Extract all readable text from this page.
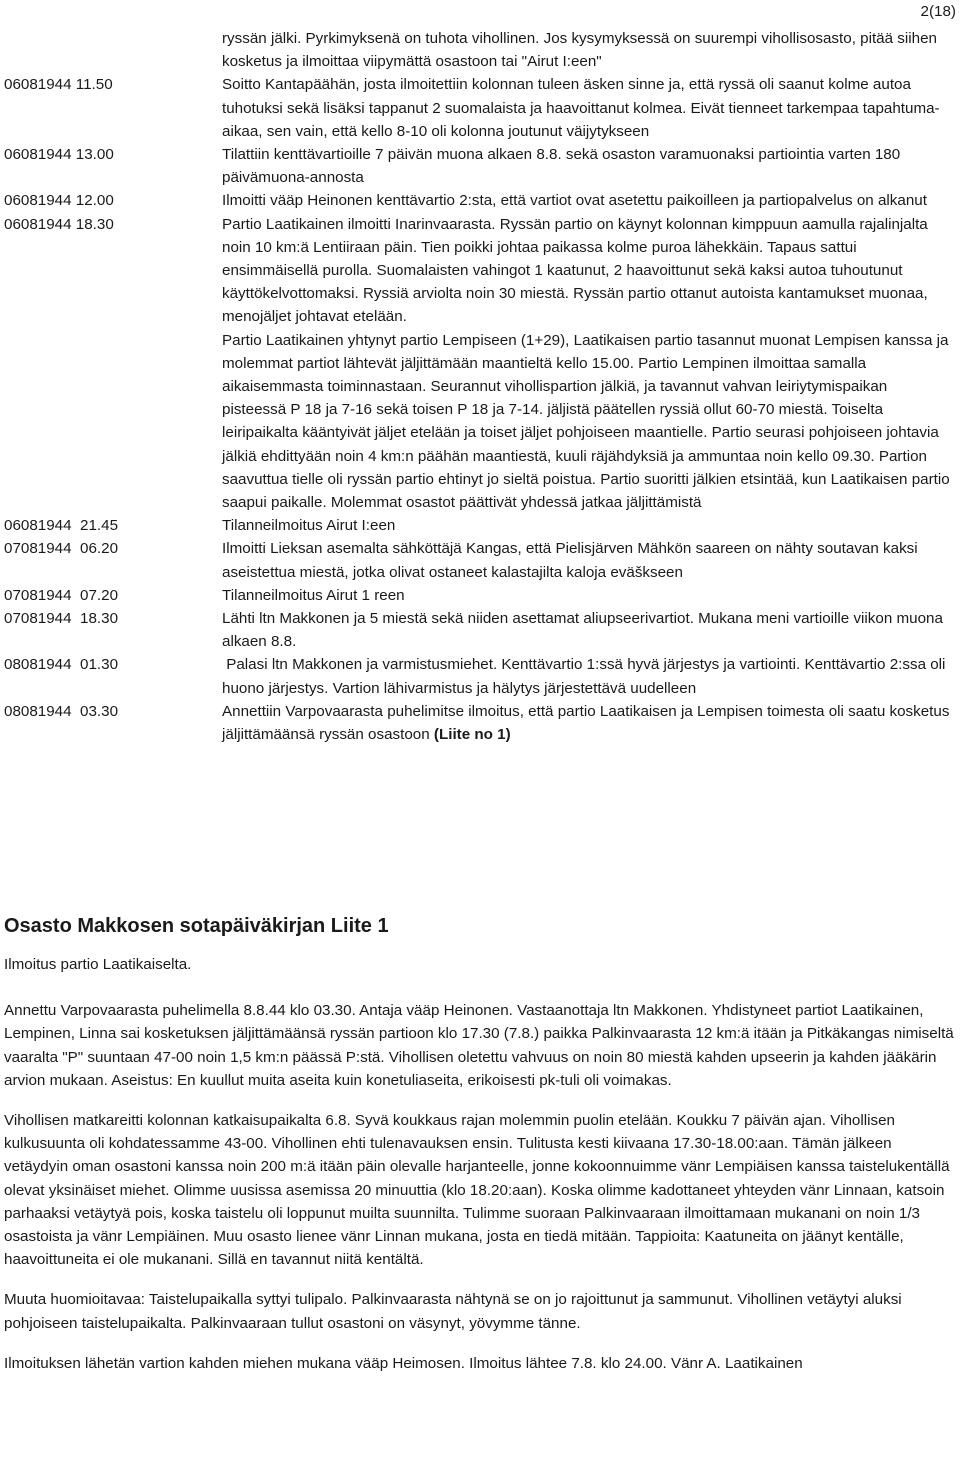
2(18)

ryssän jälki. Pyrkimyksenä on tuhota vihollinen. Jos kysymyksessä on suurempi vihollisosasto, pitää siihen kosketus ja ilmoittaa viipymättä osastoon tai "Airut I:een"

06081944 11.50	Soitto Kantapäähän, josta ilmoitettiin kolonnan tuleen äsken sinne ja, että ryssä oli saanut kolme autoa tuhotuksi sekä lisäksi tappanut 2 suomalaista ja haavoittanut kolmea. Eivät tienneet tarkempaa tapahtuma-aikaa, sen vain, että kello 8-10 oli kolonna joutunut väijytykseen

06081944 13.00	Tilattiin kenttävartioille 7 päivän muona alkaen 8.8. sekä osaston varamuonaksi partiointia varten 180 päivämuona-annosta

06081944 12.00	Ilmoitti vääp Heinonen kenttävartio 2:sta, että vartiot ovat asetettu paikoilleen ja partiopalvelus on alkanut

06081944 18.30	Partio Laatikainen ilmoitti Inarinvaarasta. Ryssän partio on käynyt kolonnan kimppuun aamulla rajalinjalta noin 10 km:ä Lentiiraan päin. Tien poikki johtaa paikassa kolme puroa lähekkäin. Tapaus sattui ensimmäisellä purolla. Suomalaisten vahingot 1 kaatunut, 2 haavoittunut sekä kaksi autoa tuhoutunut käyttökelvottomaksi. Ryssiä arviolta noin 30 miestä. Ryssän partio ottanut autoista kantamukset muonaa, menojäljet johtavat etelään.

Partio Laatikainen yhtynyt partio Lempiseen (1+29), Laatikaisen partio tasannut muonat Lempisen kanssa ja molemmat partiot lähtevät jäljittämään maantieltä kello 15.00. Partio Lempinen ilmoittaa samalla aikaisemmasta toiminnastaan. Seurannut vihollispartion jälkiä, ja tavannut vahvan leiriytymispaikan pisteessä P 18 ja 7-16 sekä toisen P 18 ja 7-14. jäljistä päätellen ryssiä ollut 60-70 miestä. Toiselta leiripaikalta kääntyivät jäljet etelään ja toiset jäljet pohjoiseen maantielle. Partio seurasi pohjoiseen johtavia jälkiä ehdittyään noin 4 km:n päähän maantiestä, kuuli räjähdyksiä ja ammuntaa noin kello 09.30. Partion saavuttua tielle oli ryssän partio ehtinyt jo sieltä poistua. Partio suoritti jälkien etsintää, kun Laatikaisen partio saapui paikalle. Molemmat osastot päättivät yhdessä jatkaa jäljittämistä

06081944  21.45	Tilanneilmoitus Airut I:een

07081944  06.20	Ilmoitti Lieksan asemalta sähköttäjä Kangas, että Pielisjärven Mähkön saareen on nähty soutavan kaksi aseistettua miestä, jotka olivat ostaneet kalastajilta kaloja eväškseen

07081944  07.20	Tilanneilmoitus Airut 1 reen

07081944  18.30	Lähti ltn Makkonen ja 5 miestä sekä niiden asettamat aliupseerivartiot. Mukana meni vartioille viikon muona alkaen 8.8.

08081944  01.30	Palasi ltn Makkonen ja varmistusmiehet. Kenttävartio 1:ssä hyvä järjestys ja vartiointi. Kenttävartio 2:ssa oli huono järjestys. Vartion lähivarmistus ja hälytys järjestettävä uudelleen

08081944  03.30	Annettiin Varpovaarasta puhelimitse ilmoitus, että partio Laatikaisen ja Lempisen toimesta oli saatu kosketus jäljittämäänsä ryssän osastoon (Liite no 1)

Osasto Makkosen sotapäiväkirjan Liite 1

Ilmoitus partio Laatikaiselta.

Annettu Varpovaarasta puhelimella 8.8.44 klo 03.30. Antaja vääp Heinonen. Vastaanottaja ltn Makkonen. Yhdistyneet partiot Laatikainen, Lempinen, Linna sai kosketuksen jäljittämäänsä ryssän partioon klo 17.30 (7.8.) paikka Palkinvaarasta 12 km:ä itään ja Pitkäkangas nimiseltä vaaralta "P" suuntaan 47-00 noin 1,5 km:n päässä P:stä. Vihollisen oletettu vahvuus on noin 80 miestä kahden upseerin ja kahden jääkärin arvion mukaan. Aseistus: En kuullut muita aseita kuin konetuliaseita, erikoisesti pk-tuli oli voimakas.

Vihollisen matkareitti kolonnan katkaisupaikalta 6.8. Syvä koukkaus rajan molemmin puolin etelään. Koukku 7 päivän ajan. Vihollisen kulkusuunta oli kohdatessamme 43-00. Vihollinen ehti tulenavauksen ensin. Tulitusta kesti kiivaana 17.30-18.00:aan. Tämän jälkeen vetäydyin oman osastoni kanssa noin 200 m:ä itään päin olevalle harjanteelle, jonne kokoonnuimme vänr Lempiäisen kanssa taistelukentällä olevat yksinäiset miehet. Olimme uusissa asemissa 20 minuuttia (klo 18.20:aan). Koska olimme kadottaneet yhteyden vänr Linnaan, katsoin parhaaksi vetäytyä pois, koska taistelu oli loppunut muilta suunnilta. Tulimme suoraan Palkinvaaraan ilmoittamaan mukanani on noin 1/3 osastoista ja vänr Lempiäinen. Muu osasto lienee vänr Linnan mukana, josta en tiedä mitään. Tappioita: Kaatuneita on jäänyt kentälle, haavoittuneita ei ole mukanani. Sillä en tavannut niitä kentältä.

Muuta huomioitavaa: Taistelupaikalla syttyi tulipalo. Palkinvaarasta nähtynä se on jo rajoittunut ja sammunut. Vihollinen vetäytyi aluksi pohjoiseen taistelupaikalta. Palkinvaaraan tullut osastoni on väsynyt, yövymme tänne.

Ilmoituksen lähetän vartion kahden miehen mukana vääp Heimosen. Ilmoitus lähtee 7.8. klo 24.00. Vänr A. Laatikainen
